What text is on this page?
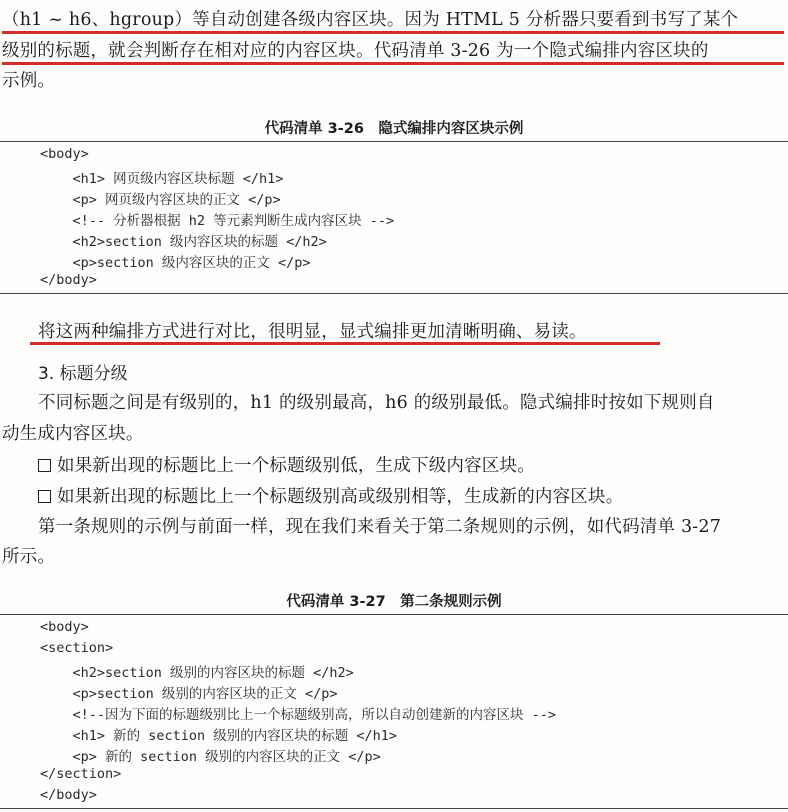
（h1 ~ h6、hgroup）等自动创建各级内容区块。因为 HTML 5 分析器只要看到书写了某个
级别的标题，就会判断存在相对应的内容区块。代码清单 3-26 为一个隐式编排内容区块的
示例。
代码清单 3-26　隐式编排内容区块示例
<body>
<h1> 网页级内容区块标题 </h1>
<p> 网页级内容区块的正文 </p>
<!-- 分析器根据 h2 等元素判断生成内容区块 -->
<h2>section 级内容区块的标题 </h2>
<p>section 级内容区块的正文 </p>
</body>
将这两种编排方式进行对比，很明显，显式编排更加清晰明确、易读。
3. 标题分级
不同标题之间是有级别的，h1 的级别最高，h6 的级别最低。隐式编排时按如下规则自
动生成内容区块。
如果新出现的标题比上一个标题级别低，生成下级内容区块。
如果新出现的标题比上一个标题级别高或级别相等，生成新的内容区块。
第一条规则的示例与前面一样，现在我们来看关于第二条规则的示例，如代码清单 3-27
所示。
代码清单 3-27　第二条规则示例
<body>
<section>
<h2>section 级别的内容区块的标题 </h2>
<p>section 级别的内容区块的正文 </p>
<!--因为下面的标题级别比上一个标题级别高，所以自动创建新的内容区块 -->
<h1> 新的 section 级别的内容区块的标题 </h1>
<p> 新的 section 级别的内容区块的正文 </p>
</section>
</body>
